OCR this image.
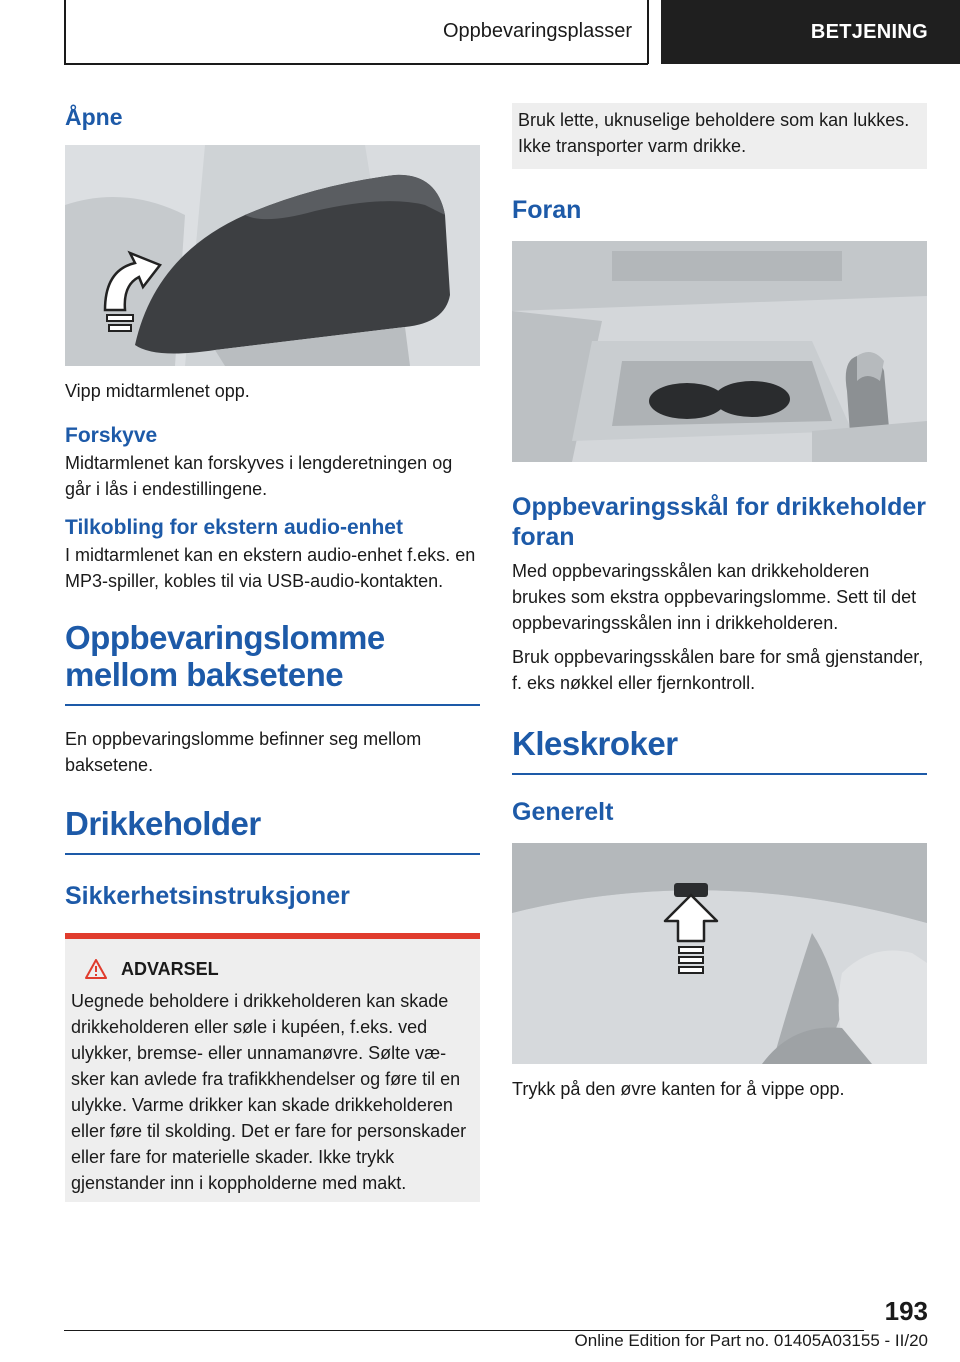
Oppbevaringsplasser	BETJENING
Åpne

Vipp midtarmlenet opp.

Forskyve

Midtarmlenet kan forskyves i lengderetningen og går i lås i endestillingene.

Tilkobling for ekstern audio-enhet

I midtarmlenet kan en ekstern audio-enhet f.eks. en MP3-spiller, kobles til via USB-audio-kontakten.

Oppbevaringslomme mellom baksetene

En oppbevaringslomme befinner seg mellom baksetene.

Drikkeholder
Sikkerhetsinstruksjoner
ADVARSEL

Uegnede beholdere i drikkeholderen kan skade drikkeholderen eller søle i kupéen, f.eks. ved ulykker, bremse- eller unnamanøvre. Sølte væsker kan avlede fra trafikkhendelser og føre til en ulykke. Varme drikker kan skade drikkeholderen eller føre til skolding. Det er fare for personskader eller fare for materielle skader. Ikke trykk gjenstander inn i koppholderne med makt.

Bruk lette, uknuselige beholdere som kan lukkes. Ikke transporter varm drikke.

Foran
Oppbevaringsskål for drikkeholder foran

Med oppbevaringsskålen kan drikkeholderen brukes som ekstra oppbevaringslomme. Sett til det oppbevaringsskålen inn i drikkeholderen.

Bruk oppbevaringsskålen bare for små gjenstander, f. eks nøkkel eller fjernkontroll.

Kleskroker
Generelt

Trykk på den øvre kanten for å vippe opp.

193
Online Edition for Part no. 01405A03155 - II/20
